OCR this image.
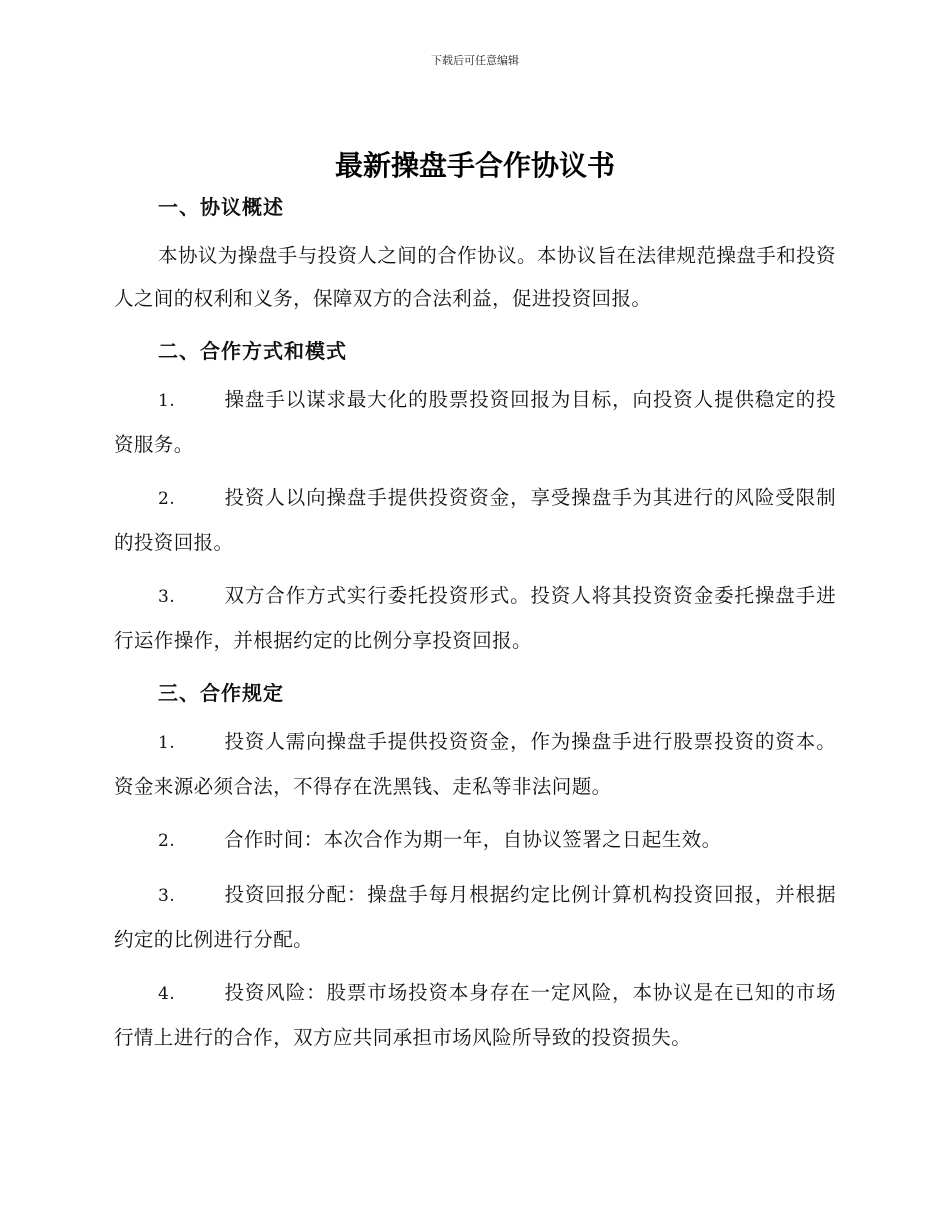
下载后可任意编辑
最新操盘手合作协议书
一、协议概述

本协议为操盘手与投资人之间的合作协议。本协议旨在法律规范操盘手和投资人之间的权利和义务，保障双方的合法利益，促进投资回报。

二、合作方式和模式

1.	操盘手以谋求最大化的股票投资回报为目标，向投资人提供稳定的投资服务。

2.	投资人以向操盘手提供投资资金，享受操盘手为其进行的风险受限制的投资回报。

3.	双方合作方式实行委托投资形式。投资人将其投资资金委托操盘手进行运作操作，并根据约定的比例分享投资回报。

三、合作规定

1.	投资人需向操盘手提供投资资金，作为操盘手进行股票投资的资本。资金来源必须合法，不得存在洗黑钱、走私等非法问题。

2.	合作时间：本次合作为期一年，自协议签署之日起生效。

3.	投资回报分配：操盘手每月根据约定比例计算机构投资回报，并根据约定的比例进行分配。

4.	投资风险：股票市场投资本身存在一定风险，本协议是在已知的市场行情上进行的合作，双方应共同承担市场风险所导致的投资损失。
